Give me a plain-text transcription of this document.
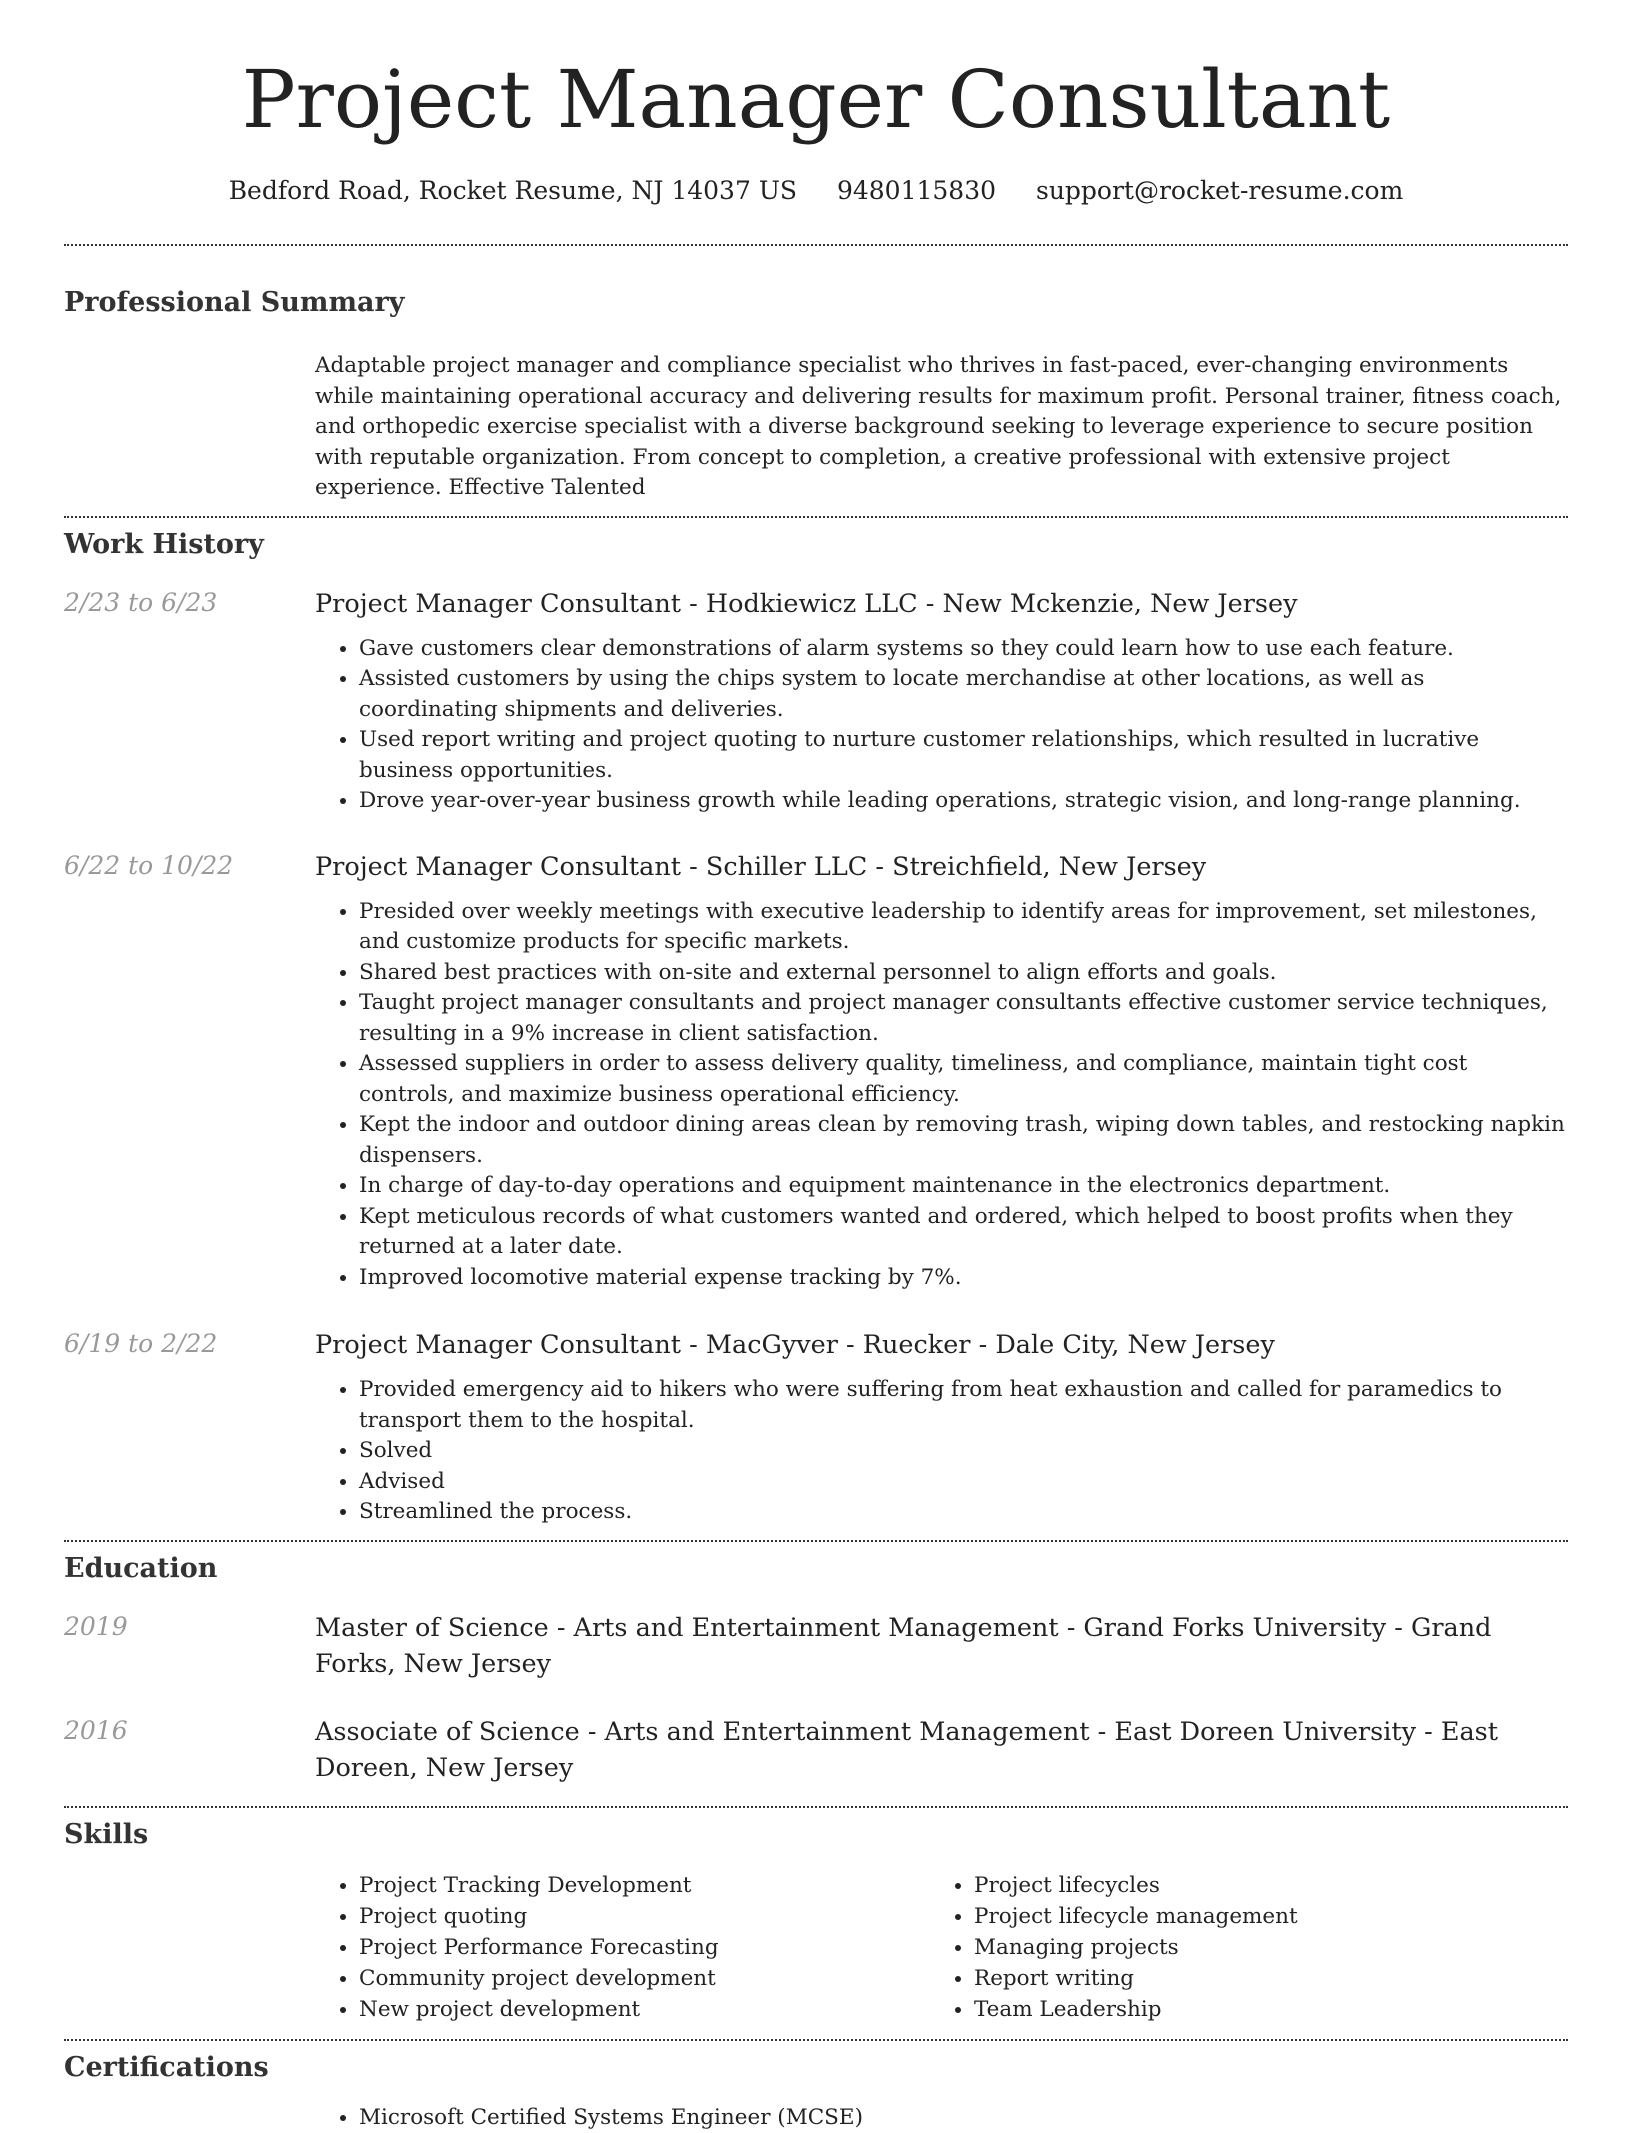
Project Manager Consultant
Bedford Road, Rocket Resume, NJ 14037 US 9480115830 support@rocket-resume.com
Professional Summary
Adaptable project manager and compliance specialist who thrives in fast-paced, ever-changing environments while maintaining operational accuracy and delivering results for maximum profit. Personal trainer, fitness coach, and orthopedic exercise specialist with a diverse background seeking to leverage experience to secure position with reputable organization. From concept to completion, a creative professional with extensive project experience. Effective Talented
Work History
2/23 to 6/23	Project Manager Consultant - Hodkiewicz LLC - New Mckenzie, New Jersey
• Gave customers clear demonstrations of alarm systems so they could learn how to use each feature.
• Assisted customers by using the chips system to locate merchandise at other locations, as well as coordinating shipments and deliveries.
• Used report writing and project quoting to nurture customer relationships, which resulted in lucrative business opportunities.
• Drove year-over-year business growth while leading operations, strategic vision, and long-range planning.
6/22 to 10/22	Project Manager Consultant - Schiller LLC - Streichfield, New Jersey
• Presided over weekly meetings with executive leadership to identify areas for improvement, set milestones, and customize products for specific markets.
• Shared best practices with on-site and external personnel to align efforts and goals.
• Taught project manager consultants and project manager consultants effective customer service techniques, resulting in a 9% increase in client satisfaction.
• Assessed suppliers in order to assess delivery quality, timeliness, and compliance, maintain tight cost controls, and maximize business operational efficiency.
• Kept the indoor and outdoor dining areas clean by removing trash, wiping down tables, and restocking napkin dispensers.
• In charge of day-to-day operations and equipment maintenance in the electronics department.
• Kept meticulous records of what customers wanted and ordered, which helped to boost profits when they returned at a later date.
• Improved locomotive material expense tracking by 7%.
6/19 to 2/22	Project Manager Consultant - MacGyver - Ruecker - Dale City, New Jersey
• Provided emergency aid to hikers who were suffering from heat exhaustion and called for paramedics to transport them to the hospital.
• Solved
• Advised
• Streamlined the process.
Education
2019	Master of Science - Arts and Entertainment Management - Grand Forks University - Grand Forks, New Jersey
2016	Associate of Science - Arts and Entertainment Management - East Doreen University - East Doreen, New Jersey
Skills
• Project Tracking Development
• Project quoting
• Project Performance Forecasting
• Community project development
• New project development
• Project lifecycles
• Project lifecycle management
• Managing projects
• Report writing
• Team Leadership
Certifications
• Microsoft Certified Systems Engineer (MCSE)
